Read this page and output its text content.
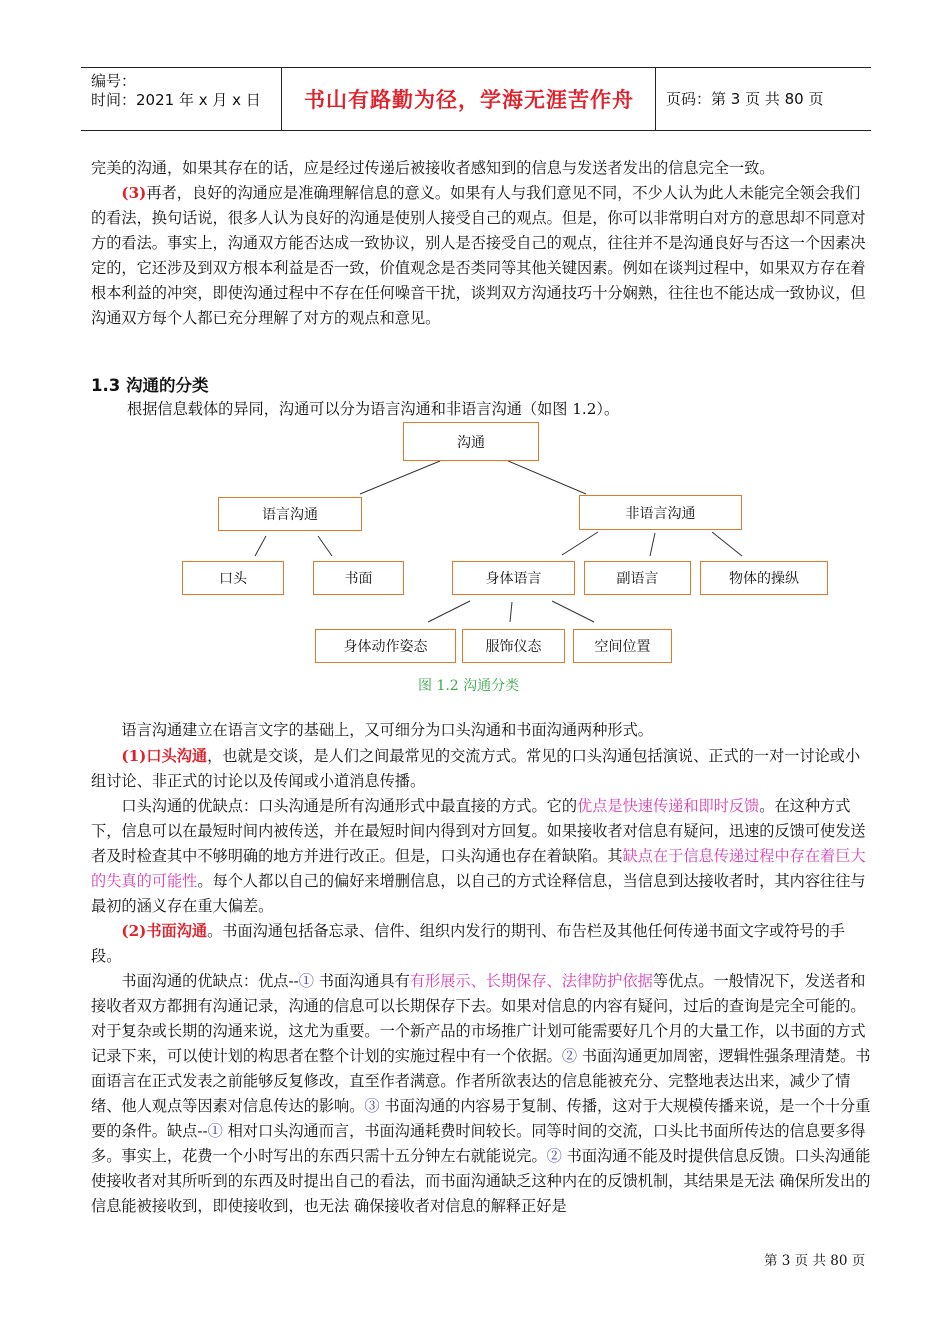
编号：
时间：2021 年 x 月 x 日	书山有路勤为径，学海无涯苦作舟	页码：第 3 页 共 80 页

完美的沟通，如果其存在的话，应是经过传递后被接收者感知到的信息与发送者发出的信息完全一致。

(3)再者，良好的沟通应是准确理解信息的意义。如果有人与我们意见不同，不少人认为此人未能完全领会我们的看法，换句话说，很多人认为良好的沟通是使别人接受自己的观点。但是，你可以非常明白对方的意思却不同意对方的看法。事实上，沟通双方能否达成一致协议，别人是否接受自己的观点，往往并不是沟通良好与否这一个因素决定的，它还涉及到双方根本利益是否一致，价值观念是否类同等其他关键因素。例如在谈判过程中，如果双方存在着根本利益的冲突，即使沟通过程中不存在任何噪音干扰，谈判双方沟通技巧十分娴熟，往往也不能达成一致协议，但沟通双方每个人都已充分理解了对方的观点和意见。

1.3 沟通的分类

根据信息载体的异同，沟通可以分为语言沟通和非语言沟通（如图 1.2）。

沟通
语言沟通	非语言沟通
口头	书面	身体语言	副语言	物体的操纵
身体动作姿态	服饰仪态	空间位置
图 1.2 沟通分类

语言沟通建立在语言文字的基础上，又可细分为口头沟通和书面沟通两种形式。

(1)口头沟通，也就是交谈，是人们之间最常见的交流方式。常见的口头沟通包括演说、正式的一对一讨论或小组讨论、非正式的讨论以及传闻或小道消息传播。

口头沟通的优缺点：口头沟通是所有沟通形式中最直接的方式。它的优点是快速传递和即时反馈。在这种方式下，信息可以在最短时间内被传送，并在最短时间内得到对方回复。如果接收者对信息有疑问，迅速的反馈可使发送者及时检查其中不够明确的地方并进行改正。但是，口头沟通也存在着缺陷。其缺点在于信息传递过程中存在着巨大的失真的可能性。每个人都以自己的偏好来增删信息，以自己的方式诠释信息，当信息到达接收者时，其内容往往与最初的涵义存在重大偏差。

(2)书面沟通。书面沟通包括备忘录、信件、组织内发行的期刊、布告栏及其他任何传递书面文字或符号的手段。

书面沟通的优缺点：优点--① 书面沟通具有有形展示、长期保存、法律防护依据等优点。一般情况下，发送者和接收者双方都拥有沟通记录，沟通的信息可以长期保存下去。如果对信息的内容有疑问，过后的查询是完全可能的。对于复杂或长期的沟通来说，这尤为重要。一个新产品的市场推广计划可能需要好几个月的大量工作，以书面的方式记录下来，可以使计划的构思者在整个计划的实施过程中有一个依据。② 书面沟通更加周密，逻辑性强条理清楚。书面语言在正式发表之前能够反复修改，直至作者满意。作者所欲表达的信息能被充分、完整地表达出来，减少了情绪、他人观点等因素对信息传达的影响。③ 书面沟通的内容易于复制、传播，这对于大规模传播来说，是一个十分重要的条件。缺点--① 相对口头沟通而言，书面沟通耗费时间较长。同等时间的交流，口头比书面所传达的信息要多得多。事实上，花费一个小时写出的东西只需十五分钟左右就能说完。② 书面沟通不能及时提供信息反馈。口头沟通能使接收者对其所听到的东西及时提出自己的看法，而书面沟通缺乏这种内在的反馈机制，其结果是无法 确保所发出的信息能被接收到，即使接收到，也无法 确保接收者对信息的解释正好是

第 3 页 共 80 页
